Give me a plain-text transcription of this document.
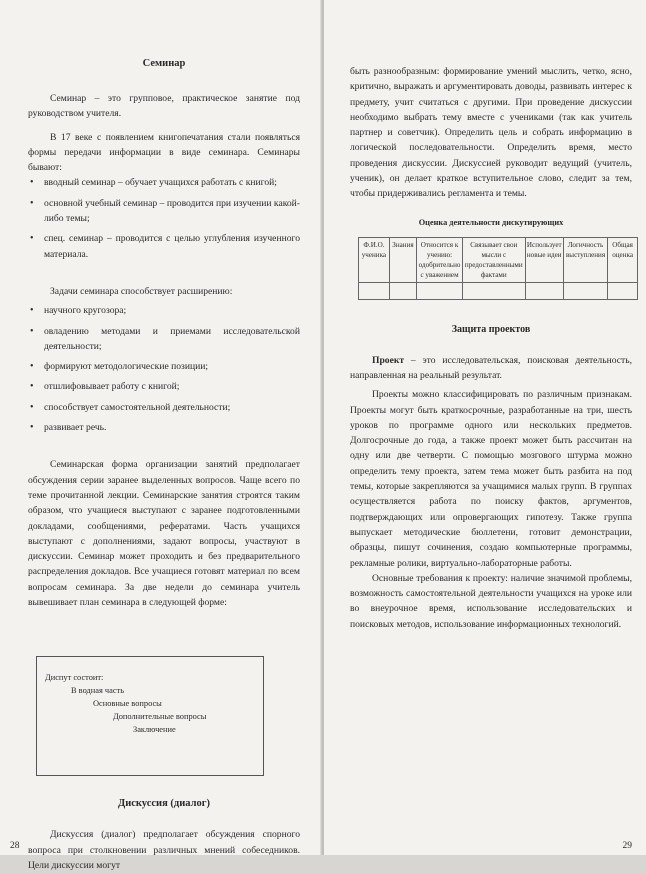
Семинар

Семинар – это групповое, практическое занятие под руководством учителя.

В 17 веке с появлением книгопечатания стали появляться формы передачи информации в виде семинара. Семинары бывают:

• вводный семинар – обучает учащихся работать с книгой;
• основной учебный семинар – проводится при изучении какой-либо темы;
• спец. семинар – проводится с целью углубления изученного материала.

Задачи семинара способствует расширению:

• научного кругозора;
• овладению методами и приемами исследовательской деятельности;
• формируют методологические позиции;
• отшлифовывает работу с книгой;
• способствует самостоятельной деятельности;
• развивает речь.

Семинарская форма организации занятий предполагает обсуждения серии заранее выделенных вопросов. Чаще всего по теме прочитанной лекции. Семинарские занятия строятся таким образом, что учащиеся выступают с заранее подготовленными докладами, сообщениями, рефератами. Часть учащихся выступают с дополнениями, задают вопросы, участвуют в дискуссии. Семинар может проходить и без предварительного распределения докладов. Все учащиеся готовят материал по всем вопросам семинара. За две недели до семинара учитель вывешивает план семинара в следующей форме:

Диспут состоит:
В водная часть
Основные вопросы
Дополнительные вопросы
Заключение
Дискуссия (диалог)

Дискуссия (диалог) предполагает обсуждения спорного вопроса при столкновении различных мнений собеседников. Цели дискуссии могут

28

быть разнообразным: формирование умений мыслить, четко, ясно, критично, выражать и аргументировать доводы, развивать интерес к предмету, учит считаться с другими. При проведение дискуссии необходимо выбрать тему вместе с учениками (так как учитель партнер и советчик). Определить цель и собрать информацию в логической последовательности. Определить время, место проведения дискуссии. Дискуссией руководит ведущий (учитель, ученик), он делает краткое вступительное слово, следит за тем, чтобы придерживались регламента и темы.

Оценка деятельности дискутирующих
Ф.И.О. ученика	Знания	Относится к учению: одобрительно с уважением	Связывает свои мысли с предоставленными фактами	Использует новые идеи	Логичность выступления	Общая оценка

Защита проектов

Проект – это исследовательская, поисковая деятельность, направленная на реальный результат.

Проекты можно классифицировать по различным признакам. Проекты могут быть краткосрочные, разработанные на три, шесть уроков по программе одного или нескольких предметов. Долгосрочные до года, а также проект может быть рассчитан на одну или две четверти. С помощью мозгового штурма можно определить тему проекта, затем тема может быть разбита на под темы, которые закрепляются за учащимися малых групп. В группах осуществляется работа по поиску фактов, аргументов, подтверждающих или опровергающих гипотезу. Также группа выпускает методические бюллетени, готовит демонстрации, образцы, пишут сочинения, создаю компьютерные программы, рекламные ролики, виртуально-лабораторные работы.

Основные требования к проекту: наличие значимой проблемы, возможность самостоятельной деятельности учащихся на уроке или во внеурочное время, использование исследовательских и поисковых методов, использование информационных технологий.

29
